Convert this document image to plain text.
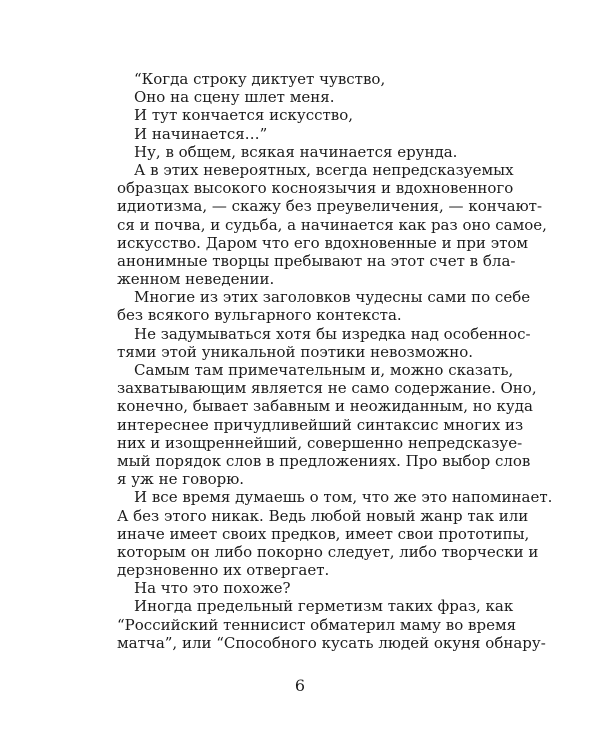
“Когда строку диктует чувство,
Оно на сцену шлет меня.
И тут кончается искусство,
И начинается…”
Ну, в общем, всякая начинается ерунда.
А в этих невероятных, всегда непредсказуемых
образцах высокого косноязычия и вдохновенного
идиотизма, — скажу без преувеличения, — кончают-
ся и почва, и судьба, а начинается как раз оно самое,
искусство. Даром что его вдохновенные и при этом
анонимные творцы пребывают на этот счет в бла-
женном неведении.
Многие из этих заголовков чудесны сами по себе
без всякого вульгарного контекста.
Не задумываться хотя бы изредка над особеннос-
тями этой уникальной поэтики невозможно.
Самым там примечательным и, можно сказать,
захватывающим является не само содержание. Оно,
конечно, бывает забавным и неожиданным, но куда
интереснее причудливейший синтаксис многих из
них и изощреннейший, совершенно непредсказуе-
мый порядок слов в предложениях. Про выбор слов
я уж не говорю.
И все время думаешь о том, что же это напоминает.
А без этого никак. Ведь любой новый жанр так или
иначе имеет своих предков, имеет свои прототипы,
которым он либо покорно следует, либо творчески и
дерзновенно их отвергает.
На что это похоже?
Иногда предельный герметизм таких фраз, как
“Российский теннисист обматерил маму во время
матча”, или “Способного кусать людей окуня обнару-
6
